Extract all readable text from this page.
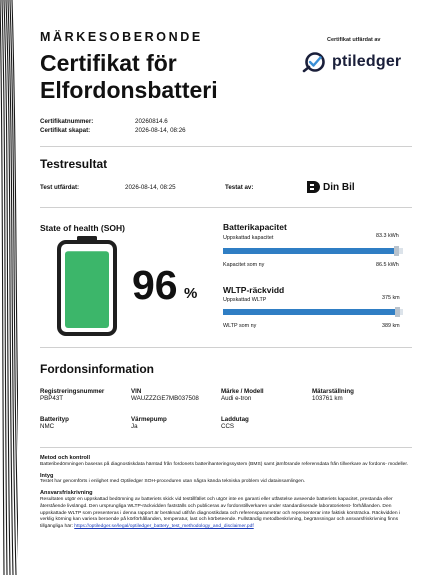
MÄRKESOBERONDE
Certifikat för Elfordonsbatteri
Certifikat utfärdat av
ptiledger
Certifikatnummer:	20260814.6
Certifikat skapat:	2026-08-14, 08:26
Testresultat
Test utfärdat:	2026-08-14, 08:25	Testat av:	Din Bil
State of health (SOH)
96 %
Batterikapacitet
Uppskattad kapacitet	83.3 kWh
Kapacitet som ny	86.5 kWh
WLTP-räckvidd
Uppskattad WLTP	375 km
WLTP som ny	389 km
Fordonsinformation
Registreringsnummer
PBP43T
VIN
WAUZZZGE7MB037508
Märke / Modell
Audi e-tron
Mätarställning
103761 km
Batterityp
NMC
Värmepump
Ja
Laddutag
CCS
Metod och kontroll
Batteribedömningen baseras på diagnostiskdata hämtad från fordonets batterihanteringssystem (BMS) samt jämförande referensdata från tillverkare av fordons- modeller.
Intyg
Testet har genomförts i enlighet med Optiledger SOH-proceduren utan några kända tekniska problem vid datainsamlingen.
Ansvarsfriskrivning
Resultaten utgör en uppskattad bedömning av batteriets skick vid testtillfället och utgör inte en garanti eller utfästelse avseende batteriets kapacitet, prestanda eller återstående livslängd. Den ursprungliga WLTP-räckvidden fastställs och publiceras av fordonstillverkaren under standardiserade laboratorietest- förhållanden. Den uppskattade WLTP som presenteras i denna rapport är beräknad utifrån diagnostikdata och referensparametrar och representerar inte faktisk körsträcka. Räckvidden i verklig körning kan variera beroende på körförhållanden, temperatur, last och körbeteende. Fullständig metodbeskrivning, begränsningar och ansvarsfriskrivning finns tillgängliga här: https://optiledger.se/legal/optiledger_battery_test_methodology_and_disclaimer.pdf
